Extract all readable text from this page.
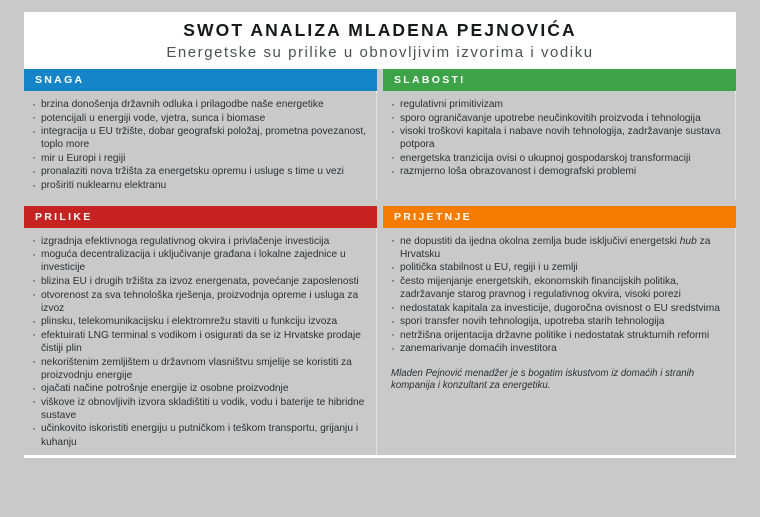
SWOT ANALIZA MLADENA PEJNOVIĆA
Energetske su prilike u obnovljivim izvorima i vodiku
SNAGA
· brzina donošenja državnih odluka i prilagodbe naše energetike
· potencijali u energiji vode, vjetra, sunca i biomase
· integracija u EU tržište, dobar geografski položaj, prometna povezanost, toplo more
· mir u Europi i regiji
· pronalaziti nova tržišta za energetsku opremu i usluge s time u vezi
· proširiti nuklearnu elektranu
SLABOSTI
· regulativni primitivizam
· sporo ograničavanje upotrebe neučinkovitih proizvoda i tehnologija
· visoki troškovi kapitala i nabave novih tehnologija, zadržavanje sustava potpora
· energetska tranzicija ovisi o ukupnoj gospodarskoj transformaciji
· razmjerno loša obrazovanost i demografski problemi
PRILIKE
· izgradnja efektivnoga regulativnog okvira i privlačenje investicija
· moguća decentralizacija i uključivanje građana i lokalne zajednice u investicije
· blizina EU i drugih tržišta za izvoz energenata, povećanje zaposlenosti
· otvorenost za sva tehnološka rješenja, proizvodnja opreme i usluga za izvoz
· plinsku, telekomunikacijsku i elektromrežu staviti u funkciju izvoza
· efektuirati LNG terminal s vodikom i osigurati da se iz Hrvatske prodaje čistiji plin
· nekorištenim zemljištem u državnom vlasništvu smjelije se koristiti za proizvodnju energije
· ojačati načine potrošnje energije iz osobne proizvodnje
· viškove iz obnovljivih izvora skladištiti u vodik, vodu i baterije te hibridne sustave
· učinkovito iskoristiti energiju u putničkom i teškom transportu, grijanju i kuhanju
PRIJETNJE
· ne dopustiti da ijedna okolna zemlja bude isključivi energetski hub za Hrvatsku
· politička stabilnost u EU, regiji i u zemlji
· često mijenjanje energetskih, ekonomskih financijskih politika, zadržavanje starog pravnog i regulativnog okvira, visoki porezi
· nedostatak kapitala za investicije, dugoročna ovisnost o EU sredstvima
· spori transfer novih tehnologija, upotreba starih tehnologija
· netržišna orijentacija državne politike i nedostatak strukturnih reformi
· zanemarivanje domaćih investitora
Mladen Pejnović menadžer je s bogatim iskustvom iz domaćih i stranih kompanija i konzultant za energetiku.
